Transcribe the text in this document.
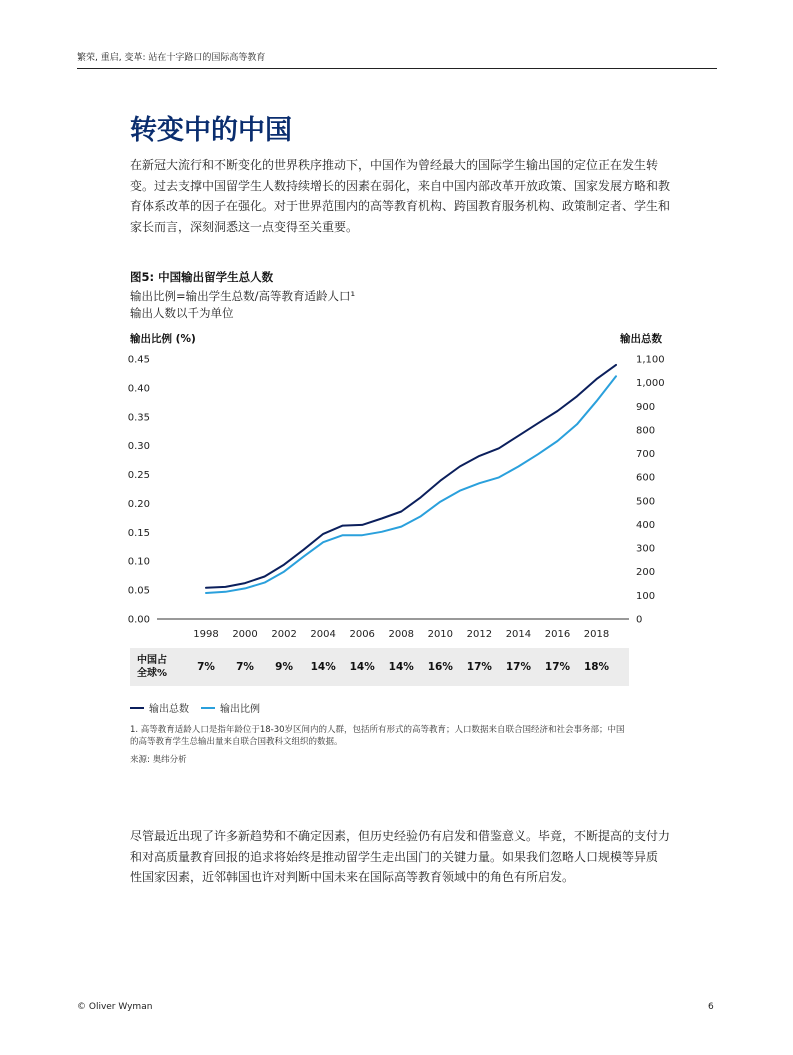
繁荣, 重启, 变革: 站在十字路口的国际高等教育
转变中的中国
在新冠大流行和不断变化的世界秩序推动下，中国作为曾经最大的国际学生输出国的定位正在发生转
变。过去支撑中国留学生人数持续增长的因素在弱化，来自中国内部改革开放政策、国家发展方略和教
育体系改革的因子在强化。对于世界范围内的高等教育机构、跨国教育服务机构、政策制定者、学生和
家长而言，深刻洞悉这一点变得至关重要。
图5: 中国输出留学生总人数
输出比例=输出学生总数/高等教育适龄人口¹
输出人数以千为单位
输出比例 (%)	输出总数
0.45
0.40
0.35
0.30
0.25
0.20
0.15
0.10
0.05
0.00
1,100
1,000
900
800
700
600
500
400
300
200
100
0
1998 2000 2002 2004 2006 2008 2010 2012 2014 2016 2018
中国占
全球%
7%	7%	9%	14%	14%	14%	16%	17%	17%	17%	18%
输出总数	输出比例
1. 高等教育适龄人口是指年龄位于18-30岁区间内的人群，包括所有形式的高等教育；人口数据来自联合国经济和社会事务部；中国
的高等教育学生总输出量来自联合国教科文组织的数据。
来源: 奥纬分析
尽管最近出现了许多新趋势和不确定因素，但历史经验仍有启发和借鉴意义。毕竟，不断提高的支付力
和对高质量教育回报的追求将始终是推动留学生走出国门的关键力量。如果我们忽略人口规模等异质
性国家因素，近邻韩国也许对判断中国未来在国际高等教育领域中的角色有所启发。
© Oliver Wyman	6
